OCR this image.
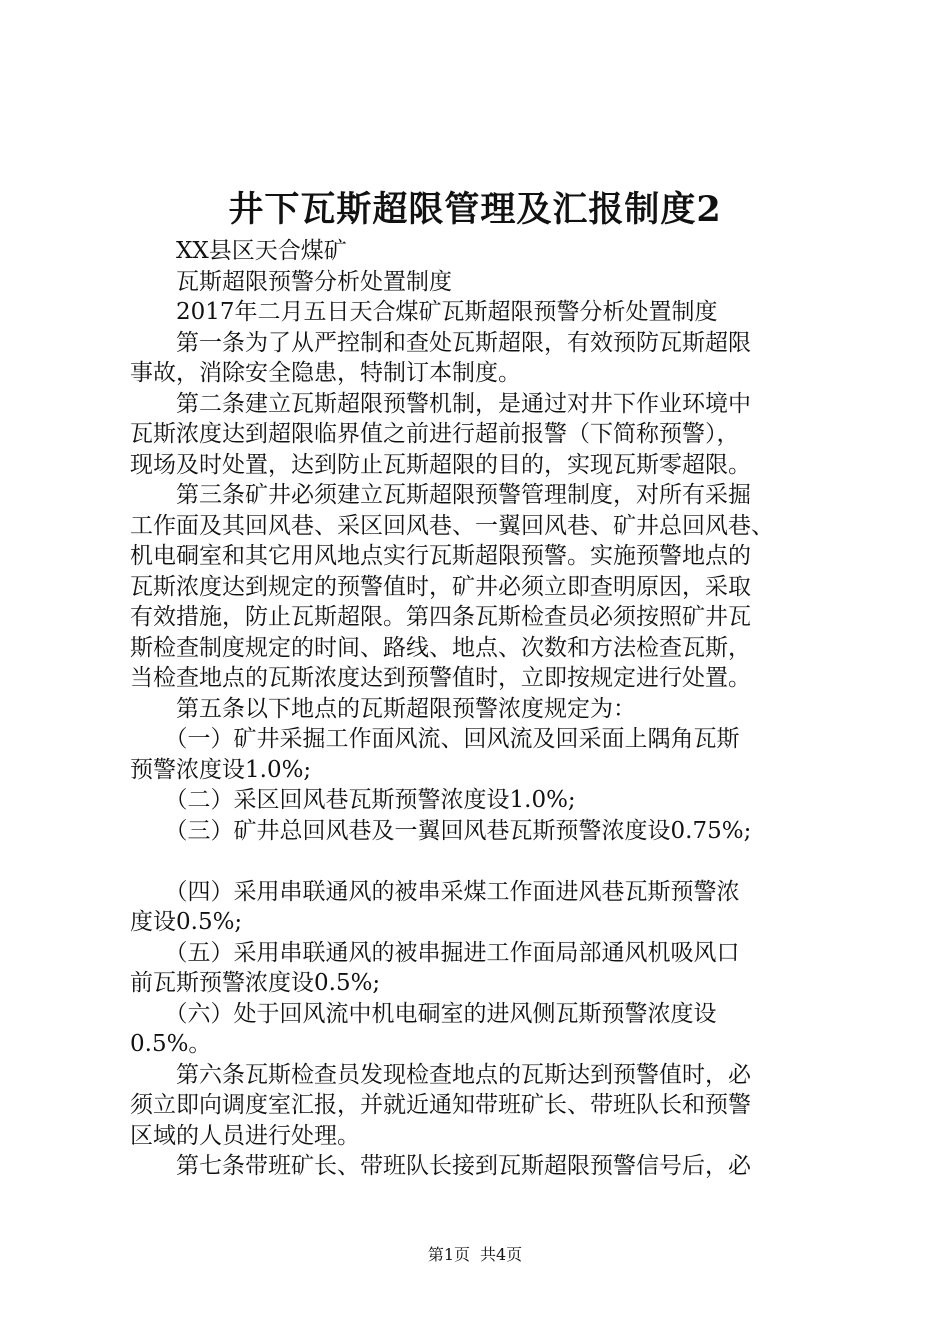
井下瓦斯超限管理及汇报制度2
　　XX县区天合煤矿
　　瓦斯超限预警分析处置制度
　　2017年二月五日天合煤矿瓦斯超限预警分析处置制度
　　第一条为了从严控制和查处瓦斯超限，有效预防瓦斯超限
事故，消除安全隐患，特制订本制度。
　　第二条建立瓦斯超限预警机制，是通过对井下作业环境中
瓦斯浓度达到超限临界值之前进行超前报警（下简称预警），
现场及时处置，达到防止瓦斯超限的目的，实现瓦斯零超限。
　　第三条矿井必须建立瓦斯超限预警管理制度，对所有采掘
工作面及其回风巷、采区回风巷、一翼回风巷、矿井总回风巷、
机电硐室和其它用风地点实行瓦斯超限预警。实施预警地点的
瓦斯浓度达到规定的预警值时，矿井必须立即查明原因，采取
有效措施，防止瓦斯超限。第四条瓦斯检查员必须按照矿井瓦
斯检查制度规定的时间、路线、地点、次数和方法检查瓦斯，
当检查地点的瓦斯浓度达到预警值时，立即按规定进行处置。
　　第五条以下地点的瓦斯超限预警浓度规定为：
　　（一）矿井采掘工作面风流、回风流及回采面上隅角瓦斯
预警浓度设1.0%;
　　（二）采区回风巷瓦斯预警浓度设1.0%;
　　（三）矿井总回风巷及一翼回风巷瓦斯预警浓度设0.75%;
　　（四）采用串联通风的被串采煤工作面进风巷瓦斯预警浓
度设0.5%;
　　（五）采用串联通风的被串掘进工作面局部通风机吸风口
前瓦斯预警浓度设0.5%;
　　（六）处于回风流中机电硐室的进风侧瓦斯预警浓度设
0.5%。
　　第六条瓦斯检查员发现检查地点的瓦斯达到预警值时，必
须立即向调度室汇报，并就近通知带班矿长、带班队长和预警
区域的人员进行处理。
　　第七条带班矿长、带班队长接到瓦斯超限预警信号后，必
第1页 共4页
